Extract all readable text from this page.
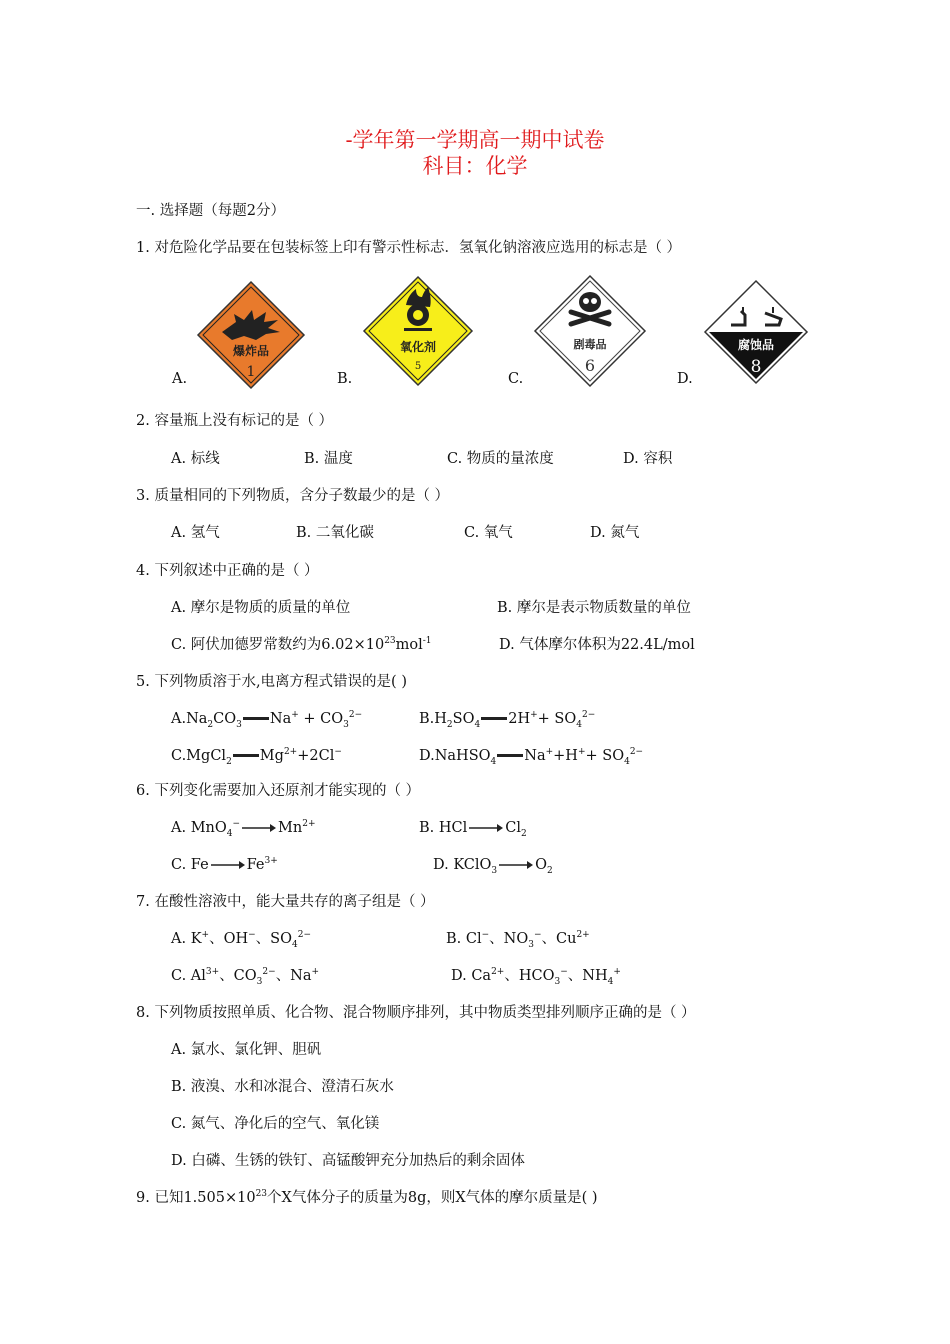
-学年第一学期高一期中试卷
科目：化学
一. 选择题（每题2分）
1. 对危险化学品要在包装标签上印有警示性标志．氢氧化钠溶液应选用的标志是（ ）
爆炸品
1
A.
氧化剂
5
B.
剧毒品
6
C.
腐蚀品
8
D.
2. 容量瓶上没有标记的是（ ）
A. 标线	B. 温度	C. 物质的量浓度	D. 容积
3. 质量相同的下列物质，含分子数最少的是（ ）
A. 氢气	B. 二氧化碳	C. 氧气	D. 氮气
4. 下列叙述中正确的是（ ）
A. 摩尔是物质的质量的单位	B. 摩尔是表示物质数量的单位
C. 阿伏加德罗常数约为$6.02\times 10^{23}mol^{-1}$	D. 气体摩尔体积为22.4L/mol
5. 下列物质溶于水,电离方程式错误的是( )
$A.Na_2CO_3$ $Na^+ + CO_3^{2-}$	$B.H_2SO_4$ $2H^++ SO_4^{2-}$
C.MgCl$_2$ $Mg^{2+}+2Cl^-$	D.NaHSO$_4$ $Na^++H^++ SO_4^{2-}$
6. 下列变化需要加入还原剂才能实现的（ ）
A. $MnO_4^-\to Mn^{2+}$	B. $HCl\to Cl_2$
C. $Fe\to Fe^{3+}$	D. $KClO_3\to O_2$
7. 在酸性溶液中，能大量共存的离子组是（ ）
A. K+、OH−、$SO_4^{2-}$	B. Cl−、$NO_3^-$、$Cu^{2+}$
C. $Al^{3+}$、$CO_3^{2-}$、Na+	D. $Ca^{2+}$、$HCO_3^-$、$NH_4^+$
8. 下列物质按照单质、化合物、混合物顺序排列，其中物质类型排列顺序正确的是（ ）
A. 氯水、氯化钾、胆矾
B. 液溴、水和冰混合、澄清石灰水
C. 氮气、净化后的空气、氧化镁
D. 白磷、生锈的铁钉、高锰酸钾充分加热后的剩余固体
9. 已知$1.505\times 10^{23}$个X气体分子的质量为8g，则X气体的摩尔质量是( )
